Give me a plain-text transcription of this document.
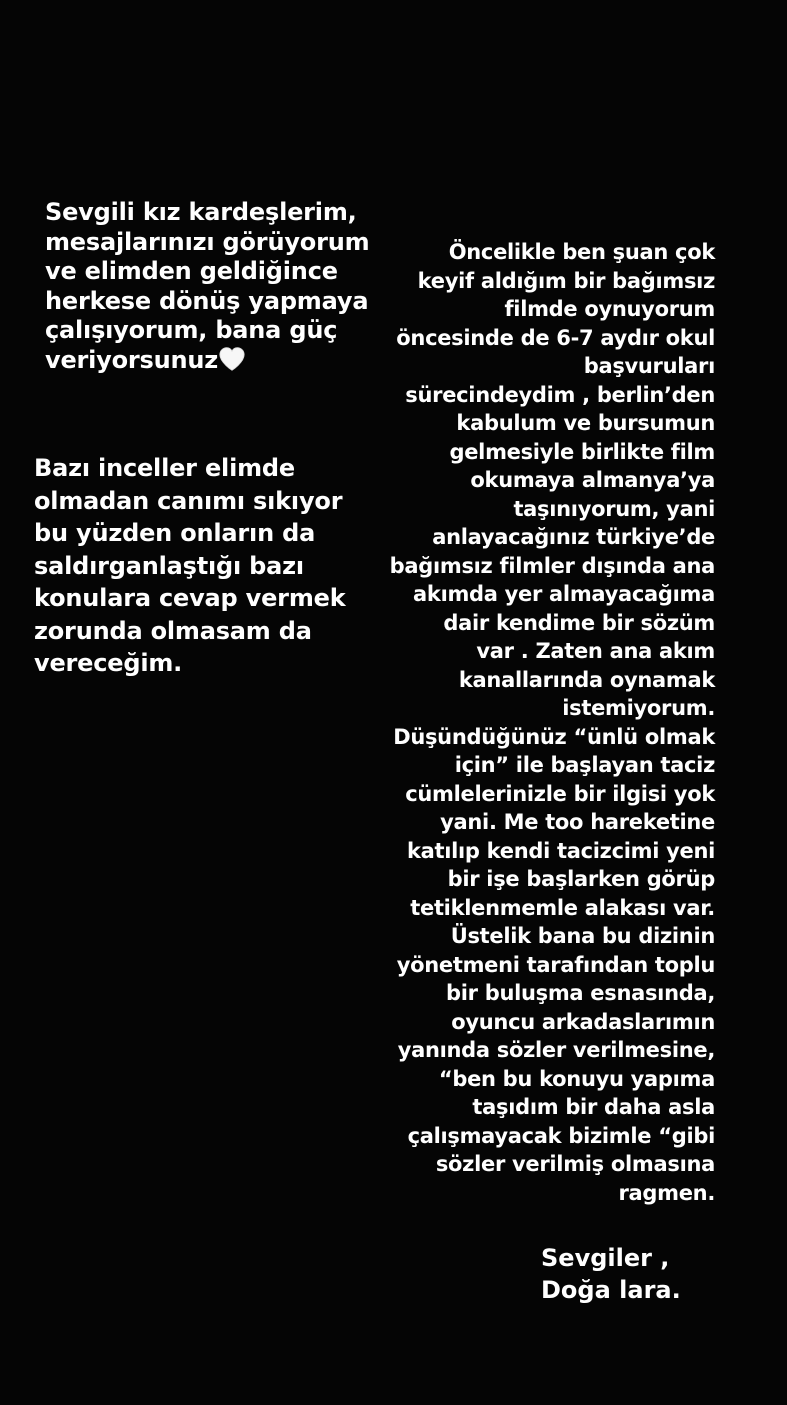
Sevgili kız kardeşlerim,
mesajlarınızı görüyorum
ve elimden geldiğince
herkese dönüş yapmaya
çalışıyorum, bana güç
veriyorsunuz
Bazı inceller elimde
olmadan canımı sıkıyor
bu yüzden onların da
saldırganlaştığı bazı
konulara cevap vermek
zorunda olmasam da
vereceğim.
Öncelikle ben şuan çok
keyif aldığım bir bağımsız
filmde oynuyorum
öncesinde de 6-7 aydır okul
başvuruları
sürecindeydim , berlin’den
kabulum ve bursumun
gelmesiyle birlikte film
okumaya almanya’ya
taşınıyorum, yani
anlayacağınız türkiye’de
bağımsız filmler dışında ana
akımda yer almayacağıma
dair kendime bir sözüm
var . Zaten ana akım
kanallarında oynamak
istemiyorum.
Düşündüğünüz “ünlü olmak
için” ile başlayan taciz
cümlelerinizle bir ilgisi yok
yani. Me too hareketine
katılıp kendi tacizcimi yeni
bir işe başlarken görüp
tetiklenmemle alakası var.
Üstelik bana bu dizinin
yönetmeni tarafından toplu
bir buluşma esnasında,
oyuncu arkadaslarımın
yanında sözler verilmesine,
“ben bu konuyu yapıma
taşıdım bir daha asla
çalışmayacak bizimle “gibi
sözler verilmiş olmasına
ragmen.
Sevgiler ,
Doğa lara.
